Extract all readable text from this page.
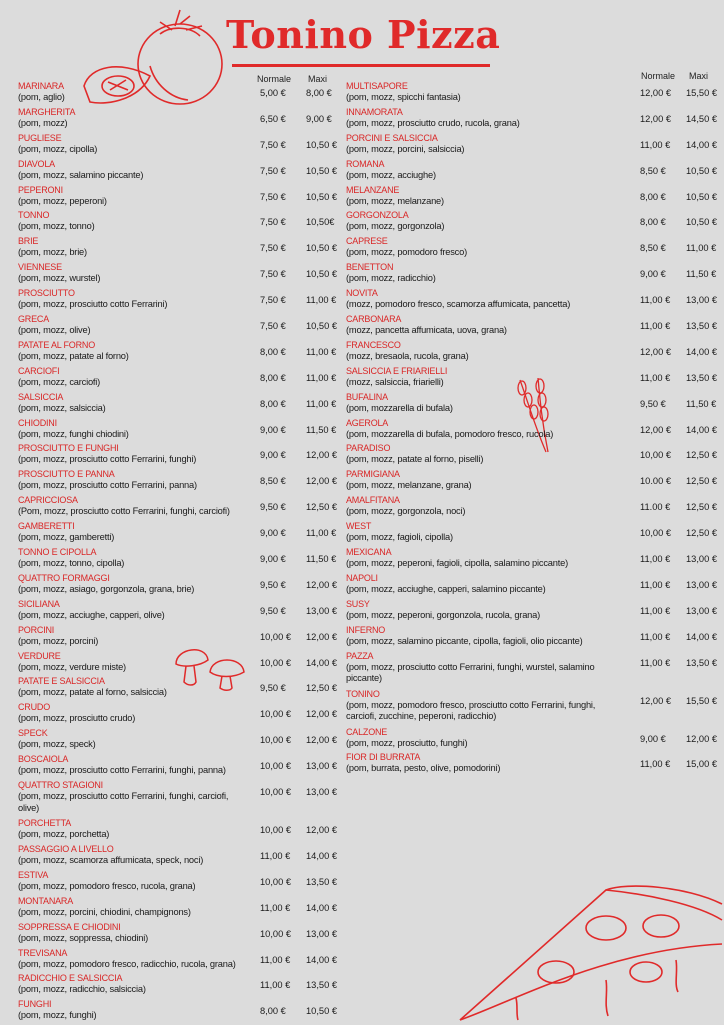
Tonino Pizza
Normale Maxi
MARINARA
(pom, aglio)	5,00 € 8,00 €
MARGHERITA
(pom, mozz)	6,50 € 9,00 €
PUGLIESE
(pom, mozz, cipolla)	7,50 € 10,50 €
DIAVOLA
(pom, mozz, salamino piccante)	7,50 € 10,50 €
PEPERONI
(pom, mozz, peperoni)	7,50 € 10,50 €
TONNO
(pom, mozz, tonno)	7,50 € 10,50€
BRIE
(pom, mozz, brie)	7,50 € 10,50 €
VIENNESE
(pom, mozz, wurstel)	7,50 € 10,50 €
PROSCIUTTO
(pom, mozz, prosciutto cotto Ferrarini)	7,50 € 11,00 €
GRECA
(pom, mozz, olive)	7,50 € 10,50 €
PATATE AL FORNO
(pom, mozz, patate al forno)	8,00 € 11,00 €
CARCIOFI
(pom, mozz, carciofi)	8,00 € 11,00 €
SALSICCIA
(pom, mozz, salsiccia)	8,00 € 11,00 €
CHIODINI
(pom, mozz, funghi chiodini)	9,00 € 11,50 €
PROSCIUTTO E FUNGHI
(pom, mozz, prosciutto cotto Ferrarini, funghi)	9,00 € 12,00 €
PROSCIUTTO E PANNA
(pom, mozz, prosciutto cotto Ferrarini, panna)	8,50 € 12,00 €
CAPRICCIOSA
(Pom, mozz, prosciutto cotto Ferrarini, funghi, carciofi)	9,50 € 12,50 €
GAMBERETTI
(pom, mozz, gamberetti)	9,00 € 11,00 €
TONNO E CIPOLLA
(pom, mozz, tonno, cipolla)	9,00 € 11,50 €
QUATTRO FORMAGGI
(pom, mozz, asiago, gorgonzola, grana, brie)	9,50 € 12,00 €
SICILIANA
(pom, mozz, acciughe, capperi, olive)	9,50 € 13,00 €
PORCINI
(pom, mozz, porcini)	10,00 € 12,00 €
VERDURE
(pom, mozz, verdure miste)	10,00 € 14,00 €
PATATE E SALSICCIA
(pom, mozz, patate al forno, salsiccia)	9,50 € 12,50 €
CRUDO
(pom, mozz, prosciutto crudo)	10,00 € 12,00 €
SPECK
(pom, mozz, speck)	10,00 € 12,00 €
BOSCAIOLA
(pom, mozz, prosciutto cotto Ferrarini, funghi, panna)	10,00 € 13,00 €
QUATTRO STAGIONI
(pom, mozz, prosciutto cotto Ferrarini, funghi, carciofi, olive)
10,00 € 13,00 €
PORCHETTA
(pom, mozz, porchetta)	10,00 € 12,00 €
PASSAGGIO A LIVELLO
(pom, mozz, scamorza affumicata, speck, noci)	11,00 € 14,00 €
ESTIVA
(pom, mozz, pomodoro fresco, rucola, grana)	10,00 € 13,50 €
MONTANARA
(pom, mozz, porcini, chiodini, champignons)	11,00 € 14,00 €
SOPPRESSA E CHIODINI
(pom, mozz, soppressa, chiodini)	10,00 € 13,00 €
TREVISANA
(pom, mozz, pomodoro fresco, radicchio, rucola, grana)	11,00 € 14,00 €
RADICCHIO E SALSICCIA
(pom, mozz, radicchio, salsiccia)	11,00 € 13,50 €
FUNGHI
(pom, mozz, funghi)	8,00 € 10,50 €
Normale Maxi
MULTISAPORE
(pom, mozz, spicchi fantasia)	12,00 € 15,50 €
INNAMORATA
(pom, mozz, prosciutto crudo, rucola, grana)	12,00 € 14,50 €
PORCINI E SALSICCIA
(pom, mozz, porcini, salsiccia)	11,00 € 14,00 €
ROMANA
(pom, mozz, acciughe)	8,50 € 10,50 €
MELANZANE
(pom, mozz, melanzane)	8,00 € 10,50 €
GORGONZOLA
(pom, mozz, gorgonzola)	8,00 € 10,50 €
CAPRESE
(pom, mozz, pomodoro fresco)	8,50 € 11,00 €
BENETTON
(pom, mozz, radicchio)	9,00 € 11,50 €
NOVITA
(mozz, pomodoro fresco, scamorza affumicata, pancetta)	11,00 € 13,00 €
CARBONARA
(mozz, pancetta affumicata, uova, grana)	11,00 € 13,50 €
FRANCESCO
(mozz, bresaola, rucola, grana)	12,00 € 14,00 €
SALSICCIA E FRIARIELLI
(mozz, salsiccia, friarielli)	11,00 € 13,50 €
BUFALINA
(pom, mozzarella di bufala)	9,50 € 11,50 €
AGEROLA
(pom, mozzarella di bufala, pomodoro fresco, rucola)	12,00 € 14,00 €
PARADISO
(pom, mozz, patate al forno, piselli)	10,00 € 12,50 €
PARMIGIANA
(pom, mozz, melanzane, grana)	10.00 € 12,50 €
AMALFITANA
(pom, mozz, gorgonzola, noci)	11.00 € 12,50 €
WEST
(pom, mozz, fagioli, cipolla)	10,00 € 12,50 €
MEXICANA
(pom, mozz, peperoni, fagioli, cipolla, salamino piccante)	11,00 € 13,00 €
NAPOLI
(pom, mozz, acciughe, capperi, salamino piccante)	11,00 € 13,00 €
SUSY
(pom, mozz, peperoni, gorgonzola, rucola, grana)	11,00 € 13,00 €
INFERNO
(pom, mozz, salamino piccante, cipolla, fagioli, olio piccante)	11,00 € 14,00 €
PAZZA
(pom, mozz, prosciutto cotto Ferrarini, funghi, wurstel, salamino piccante)
11,00 € 13,50 €
TONINO
(pom, mozz, pomodoro fresco, prosciutto cotto Ferrarini, funghi, carciofi, zucchine, peperoni, radicchio)
12,00 € 15,50 €
CALZONE
(pom, mozz, prosciutto, funghi)	9,00 € 12,00 €
FIOR DI BURRATA
(pom, burrata, pesto, olive, pomodorini)	11,00 € 15,00 €
